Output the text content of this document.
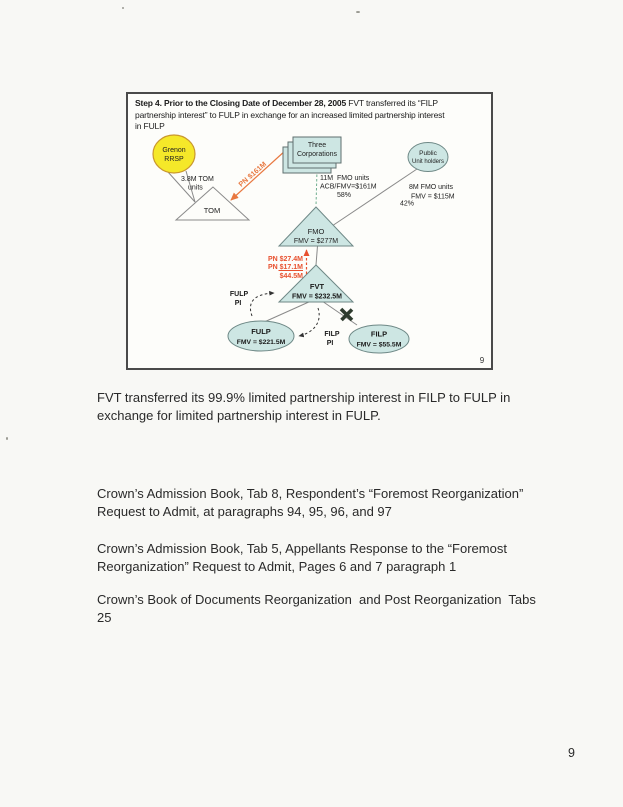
Grenon
RRSP
Three
Corporations	Public
Unit holders
TOM
FMO
FMV = $277M
FVT
FMV = $232.5M
FULP
FMV = $221.5M
FILP
FMV = $55.5M
3.8M TOM
units	PN $161M	11M  FMO units
ACB/FMV=$161M
58%
8M FMO units
FMV = $115M
42%
PN $27.4M
PN $17.1M
$44.5M
FULP
PI
FILP
PI
9
Step 4. Prior to the Closing Date of December 28, 2005 FVT transferred its “FILP
partnership interest” to FULP in exchange for an increased limited partnership interest
in FULP
FVT transferred its 99.9% limited partnership interest in FILP to FULP in
exchange for limited partnership interest in FULP.
Crown’s Admission Book, Tab 8, Respondent’s “Foremost Reorganization”
Request to Admit, at paragraphs 94, 95, 96, and 97
Crown’s Admission Book, Tab 5, Appellants Response to the “Foremost
Reorganization” Request to Admit, Pages 6 and 7 paragraph 1
Crown’s Book of Documents Reorganization  and Post Reorganization  Tabs
25
9
